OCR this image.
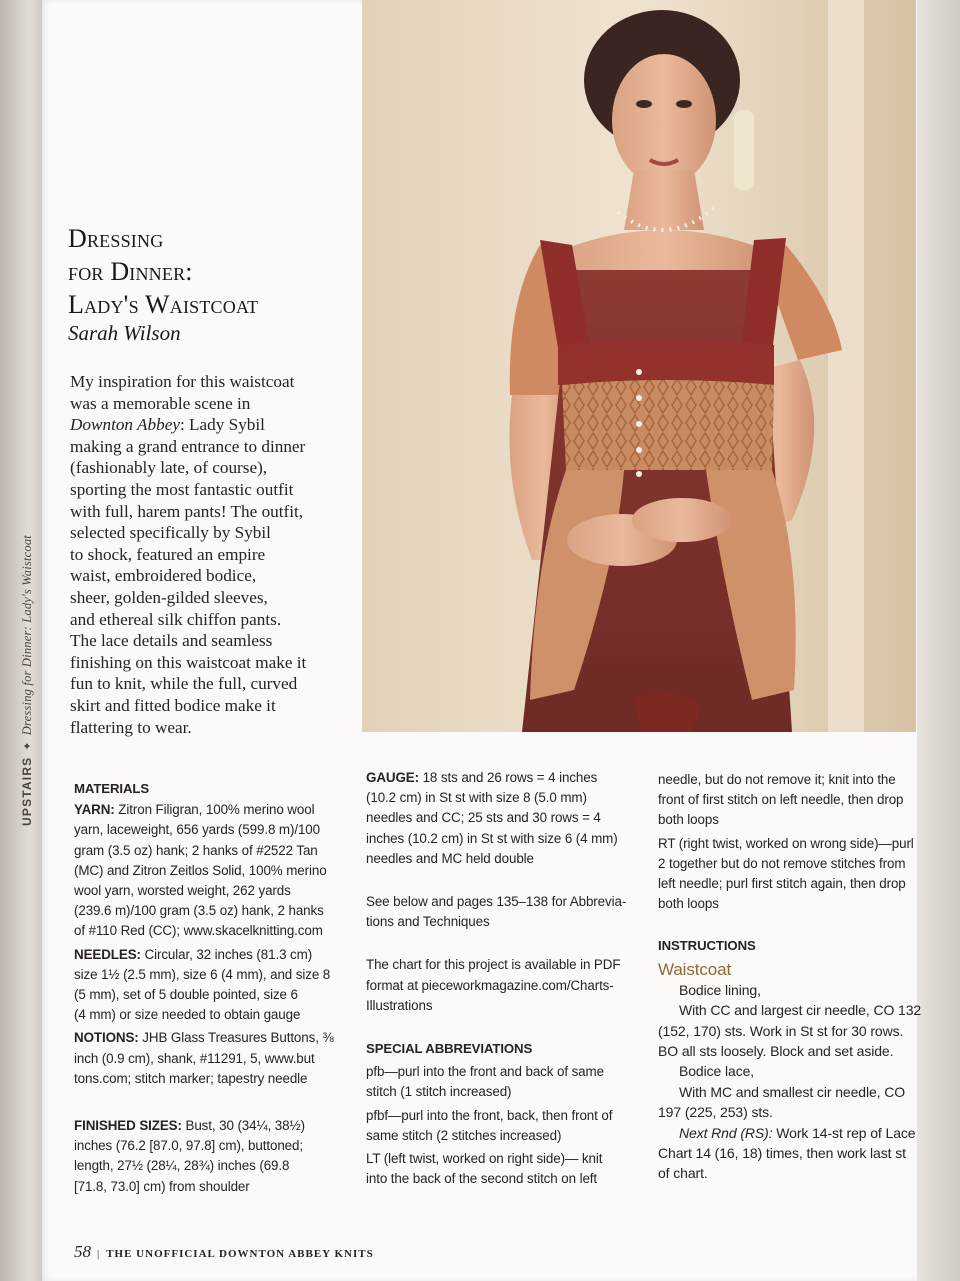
UPSTAIRS✦Dressing for Dinner: Lady's Waistcoat
Dressing
for Dinner:
Lady's Waistcoat
Sarah Wilson
My inspiration for this waistcoat
was a memorable scene in
Downton Abbey: Lady Sybil
making a grand entrance to dinner
(fashionably late, of course),
sporting the most fantastic outfit
with full, harem pants! The outfit,
selected specifically by Sybil
to shock, featured an empire
waist, embroidered bodice,
sheer, golden-gilded sleeves,
and ethereal silk chiffon pants.
The lace details and seamless
finishing on this waistcoat make it
fun to knit, while the full, curved
skirt and fitted bodice make it
flattering to wear.

MATERIALS

YARN: Zitron Filigran, 100% merino wool
yarn, laceweight, 656 yards (599.8 m)/100
gram (3.5 oz) hank; 2 hanks of #2522 Tan
(MC) and Zitron Zeitlos Solid, 100% merino
wool yarn, worsted weight, 262 yards
(239.6 m)/100 gram (3.5 oz) hank, 2 hanks
of #110 Red (CC); www.skacelknitting.com

NEEDLES: Circular, 32 inches (81.3 cm)
size 1½ (2.5 mm), size 6 (4 mm), and size 8
(5 mm), set of 5 double pointed, size 6
(4 mm) or size needed to obtain gauge

NOTIONS: JHB Glass Treasures Buttons, ⅜
inch (0.9 cm), shank, #11291, 5, www.but
tons.com; stitch marker; tapestry needle

FINISHED SIZES: Bust, 30 (34¼, 38½)
inches (76.2 [87.0, 97.8] cm), buttoned;
length, 27½ (28¼, 28¾) inches (69.8
[71.8, 73.0] cm) from shoulder

GAUGE: 18 sts and 26 rows = 4 inches
(10.2 cm) in St st with size 8 (5.0 mm)
needles and CC; 25 sts and 30 rows = 4
inches (10.2 cm) in St st with size 6 (4 mm)
needles and MC held double

See below and pages 135–138 for Abbrevia-
tions and Techniques

The chart for this project is available in PDF
format at pieceworkmagazine.com/Charts-
Illustrations

SPECIAL ABBREVIATIONS

pfb—purl into the front and back of same
stitch (1 stitch increased)

pfbf—purl into the front, back, then front of
same stitch (2 stitches increased)

LT (left twist, worked on right side)— knit
into the back of the second stitch on left

needle, but do not remove it; knit into the
front of first stitch on left needle, then drop
both loops

RT (right twist, worked on wrong side)—purl
2 together but do not remove stitches from
left needle; purl first stitch again, then drop
both loops

INSTRUCTIONS

Waistcoat

Bodice lining,
With CC and largest cir needle, CO 132
(152, 170) sts. Work in St st for 30 rows.
BO all sts loosely. Block and set aside.
Bodice lace,
With MC and smallest cir needle, CO
197 (225, 253) sts.
Next Rnd (RS): Work 14-st rep of Lace
Chart 14 (16, 18) times, then work last st
of chart.
58 | THE UNOFFICIAL DOWNTON ABBEY KNITS
